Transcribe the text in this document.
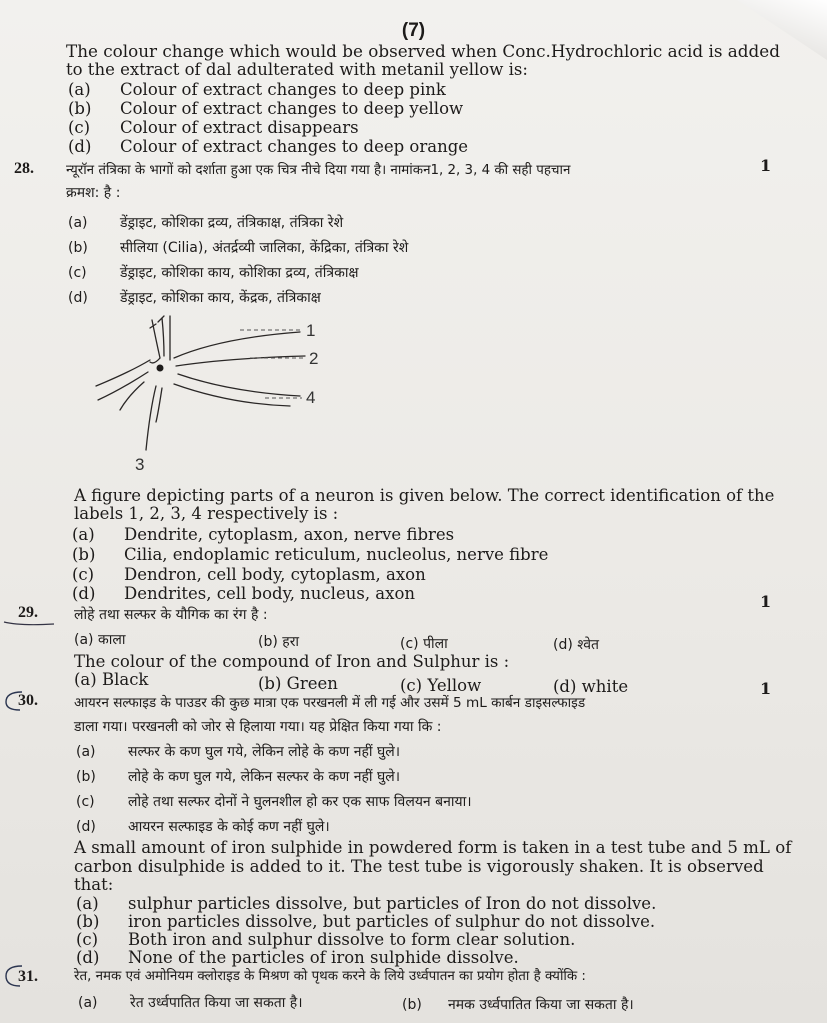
(7)
The colour change which would be observed when Conc.Hydrochloric acid is added
to the extract of dal adulterated with metanil yellow is:
(a) Colour of extract changes to deep pink
(b) Colour of extract changes to deep yellow
(c) Colour of extract disappears
(d) Colour of extract changes to deep orange
28.	1
न्यूरॉन तंत्रिका के भागों को दर्शाता हुआ एक चित्र नीचे दिया गया है। नामांकन1, 2, 3, 4 की सही पहचान
क्रमश: है :
(a) डेंड्राइट, कोशिका द्रव्य, तंत्रिकाक्ष, तंत्रिका रेशे
(b) सीलिया (Cilia), अंतर्द्रव्यी जालिका, केंद्रिका, तंत्रिका रेशे
(c) डेंड्राइट, कोशिका काय, कोशिका द्रव्य, तंत्रिकाक्ष
(d) डेंड्राइट, कोशिका काय, केंद्रक, तंत्रिकाक्ष
1
2
4
3
A figure depicting parts of a neuron is given below. The correct identification of the
labels 1, 2, 3, 4 respectively is :
(a) Dendrite, cytoplasm, axon, nerve fibres
(b) Cilia, endoplamic reticulum, nucleolus, nerve fibre
(c) Dendron, cell body, cytoplasm, axon
(d) Dendrites, cell body, nucleus, axon	1
29.	लोहे तथा सल्फर के यौगिक का रंग है :
(a) काला	(b) हरा	(c) पीला	(d) श्वेत
The colour of the compound of Iron and Sulphur is :
(a) Black	(b) Green	(c) Yellow	(d) white	1
30.	आयरन सल्फाइड के पाउडर की कुछ मात्रा एक परखनली में ली गई और उसमें 5 mL कार्बन डाइसल्फाइड
डाला गया। परखनली को जोर से हिलाया गया। यह प्रेक्षित किया गया कि :
(a) सल्फर के कण घुल गये, लेकिन लोहे के कण नहीं घुले।
(b) लोहे के कण घुल गये, लेकिन सल्फर के कण नहीं घुले।
(c) लोहे तथा सल्फर दोनों ने घुलनशील हो कर एक साफ विलयन बनाया।
(d) आयरन सल्फाइड के कोई कण नहीं घुले।
A small amount of iron sulphide in powdered form is taken in a test tube and 5 mL of
carbon disulphide is added to it. The test tube is vigorously shaken. It is observed
that:
(a) sulphur particles dissolve, but particles of Iron do not dissolve.
(b) iron particles dissolve, but particles of sulphur do not dissolve.
(c) Both iron and sulphur dissolve to form clear solution.
(d) None of the particles of iron sulphide dissolve.
31.	रेत, नमक एवं अमोनियम क्लोराइड के मिश्रण को पृथक करने के लिये उर्ध्वपातन का प्रयोग होता है क्योंकि :
(a) रेत उर्ध्वपातित किया जा सकता है।	(b) नमक उर्ध्वपातित किया जा सकता है।
